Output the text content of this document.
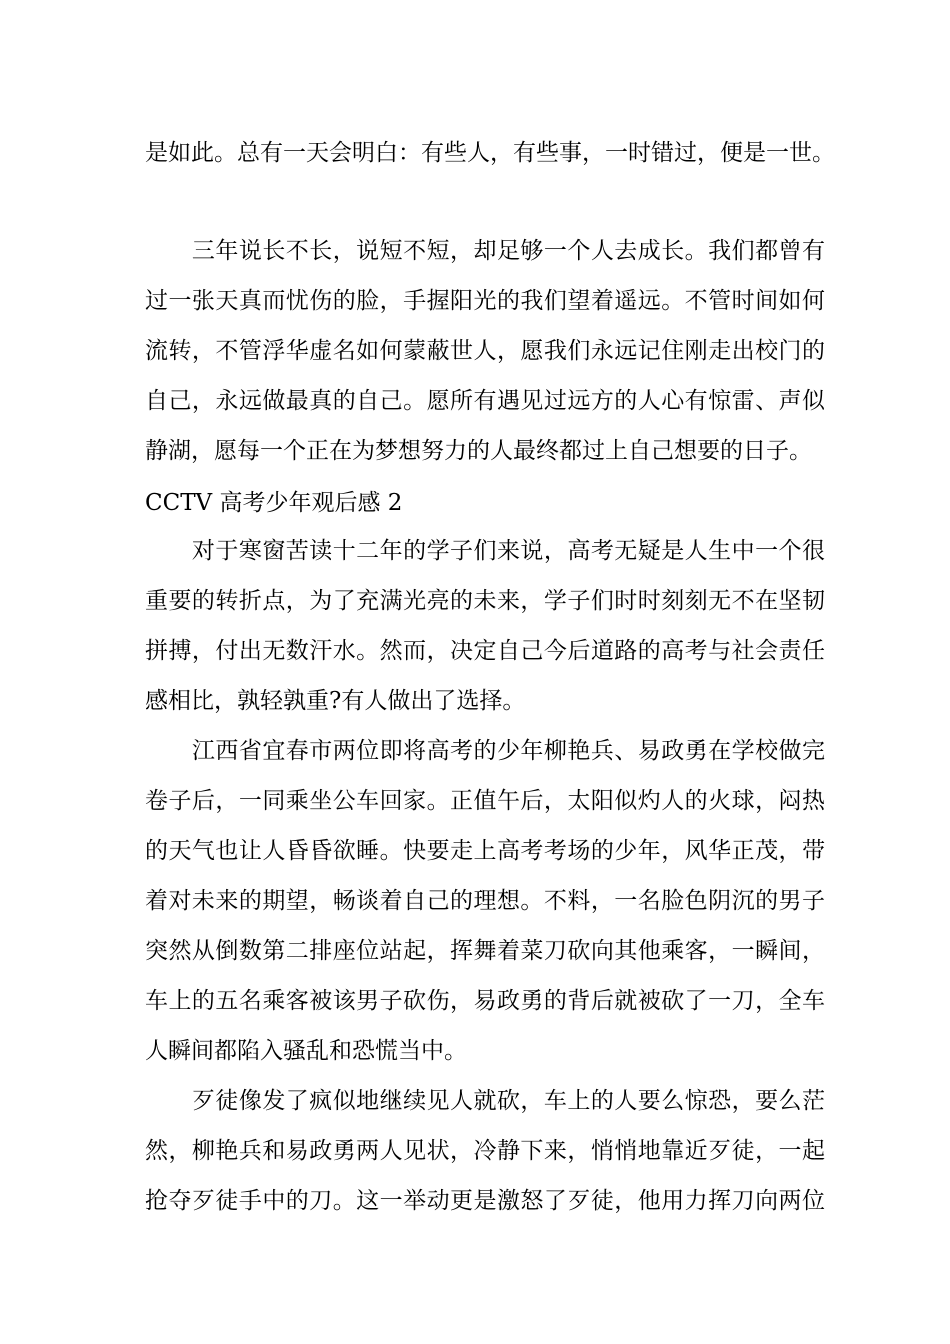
是如此。总有一天会明白：有些人，有些事，一时错过，便是一世。
　　三年说长不长，说短不短，却足够一个人去成长。我们都曾有
过一张天真而忧伤的脸，手握阳光的我们望着遥远。不管时间如何
流转，不管浮华虚名如何蒙蔽世人，愿我们永远记住刚走出校门的
自己，永远做最真的自己。愿所有遇见过远方的人心有惊雷、声似
静湖，愿每一个正在为梦想努力的人最终都过上自己想要的日子。
CCTV 高考少年观后感 2
　　对于寒窗苦读十二年的学子们来说，高考无疑是人生中一个很
重要的转折点，为了充满光亮的未来，学子们时时刻刻无不在坚韧
拼搏，付出无数汗水。然而，决定自己今后道路的高考与社会责任
感相比，孰轻孰重?有人做出了选择。
　　江西省宜春市两位即将高考的少年柳艳兵、易政勇在学校做完
卷子后，一同乘坐公车回家。正值午后，太阳似灼人的火球，闷热
的天气也让人昏昏欲睡。快要走上高考考场的少年，风华正茂，带
着对未来的期望，畅谈着自己的理想。不料，一名脸色阴沉的男子
突然从倒数第二排座位站起，挥舞着菜刀砍向其他乘客，一瞬间，
车上的五名乘客被该男子砍伤，易政勇的背后就被砍了一刀，全车
人瞬间都陷入骚乱和恐慌当中。
　　歹徒像发了疯似地继续见人就砍，车上的人要么惊恐，要么茫
然，柳艳兵和易政勇两人见状，冷静下来，悄悄地靠近歹徒，一起
抢夺歹徒手中的刀。这一举动更是激怒了歹徒，他用力挥刀向两位
